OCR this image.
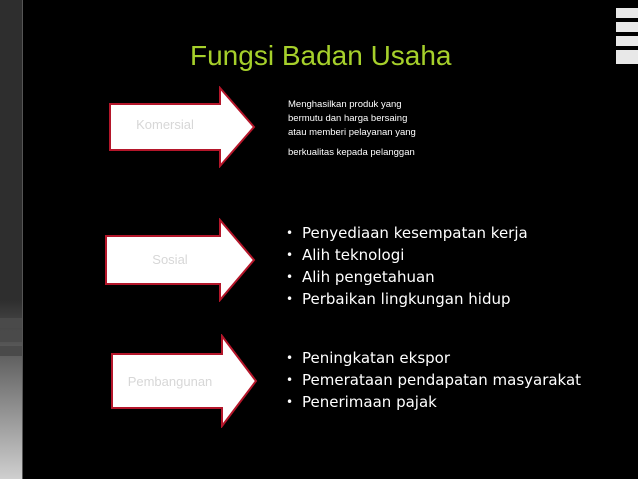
Fungsi Badan Usaha
Komersial
Menghasilkan produk yang
bermutu dan harga bersaing
atau memberi pelayanan yang
berkualitas kepada pelanggan
Sosial
• Penyediaan kesempatan kerja
• Alih teknologi
• Alih pengetahuan
• Perbaikan lingkungan hidup
Pembangunan
• Peningkatan ekspor
• Pemerataan pendapatan masyarakat
• Penerimaan pajak
